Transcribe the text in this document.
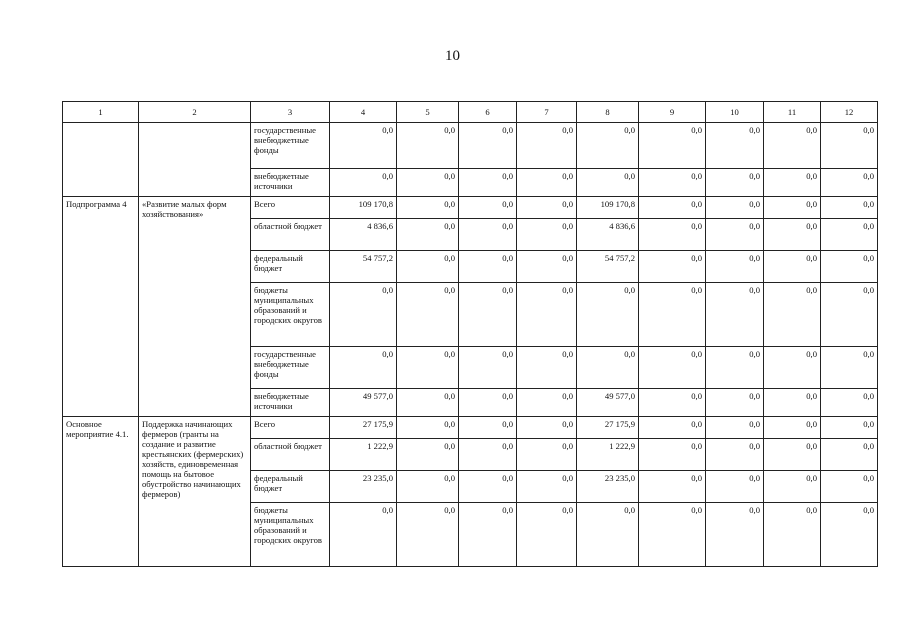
10
1	2	3	4	5	6	7	8	9	10	11	12
		государственные внебюджетные фонды	0,0	0,0	0,0	0,0	0,0	0,0	0,0	0,0	0,0
		внебюджетные источники	0,0	0,0	0,0	0,0	0,0	0,0	0,0	0,0	0,0
Подпрограмма 4	«Развитие малых форм хозяйствования»	Всего	109 170,8	0,0	0,0	0,0	109 170,8	0,0	0,0	0,0	0,0
		областной бюджет	4 836,6	0,0	0,0	0,0	4 836,6	0,0	0,0	0,0	0,0
		федеральный бюджет	54 757,2	0,0	0,0	0,0	54 757,2	0,0	0,0	0,0	0,0
		бюджеты муниципальных образований и городских округов	0,0	0,0	0,0	0,0	0,0	0,0	0,0	0,0	0,0
		государственные внебюджетные фонды	0,0	0,0	0,0	0,0	0,0	0,0	0,0	0,0	0,0
		внебюджетные источники	49 577,0	0,0	0,0	0,0	49 577,0	0,0	0,0	0,0	0,0
Основное мероприятие 4.1.	Поддержка начинающих фермеров (гранты на создание и развитие крестьянских (фермерских) хозяйств, единовременная помощь на бытовое обустройство начинающих фермеров)	Всего	27 175,9	0,0	0,0	0,0	27 175,9	0,0	0,0	0,0	0,0
		областной бюджет	1 222,9	0,0	0,0	0,0	1 222,9	0,0	0,0	0,0	0,0
		федеральный бюджет	23 235,0	0,0	0,0	0,0	23 235,0	0,0	0,0	0,0	0,0
		бюджеты муниципальных образований и городских округов	0,0	0,0	0,0	0,0	0,0	0,0	0,0	0,0	0,0
